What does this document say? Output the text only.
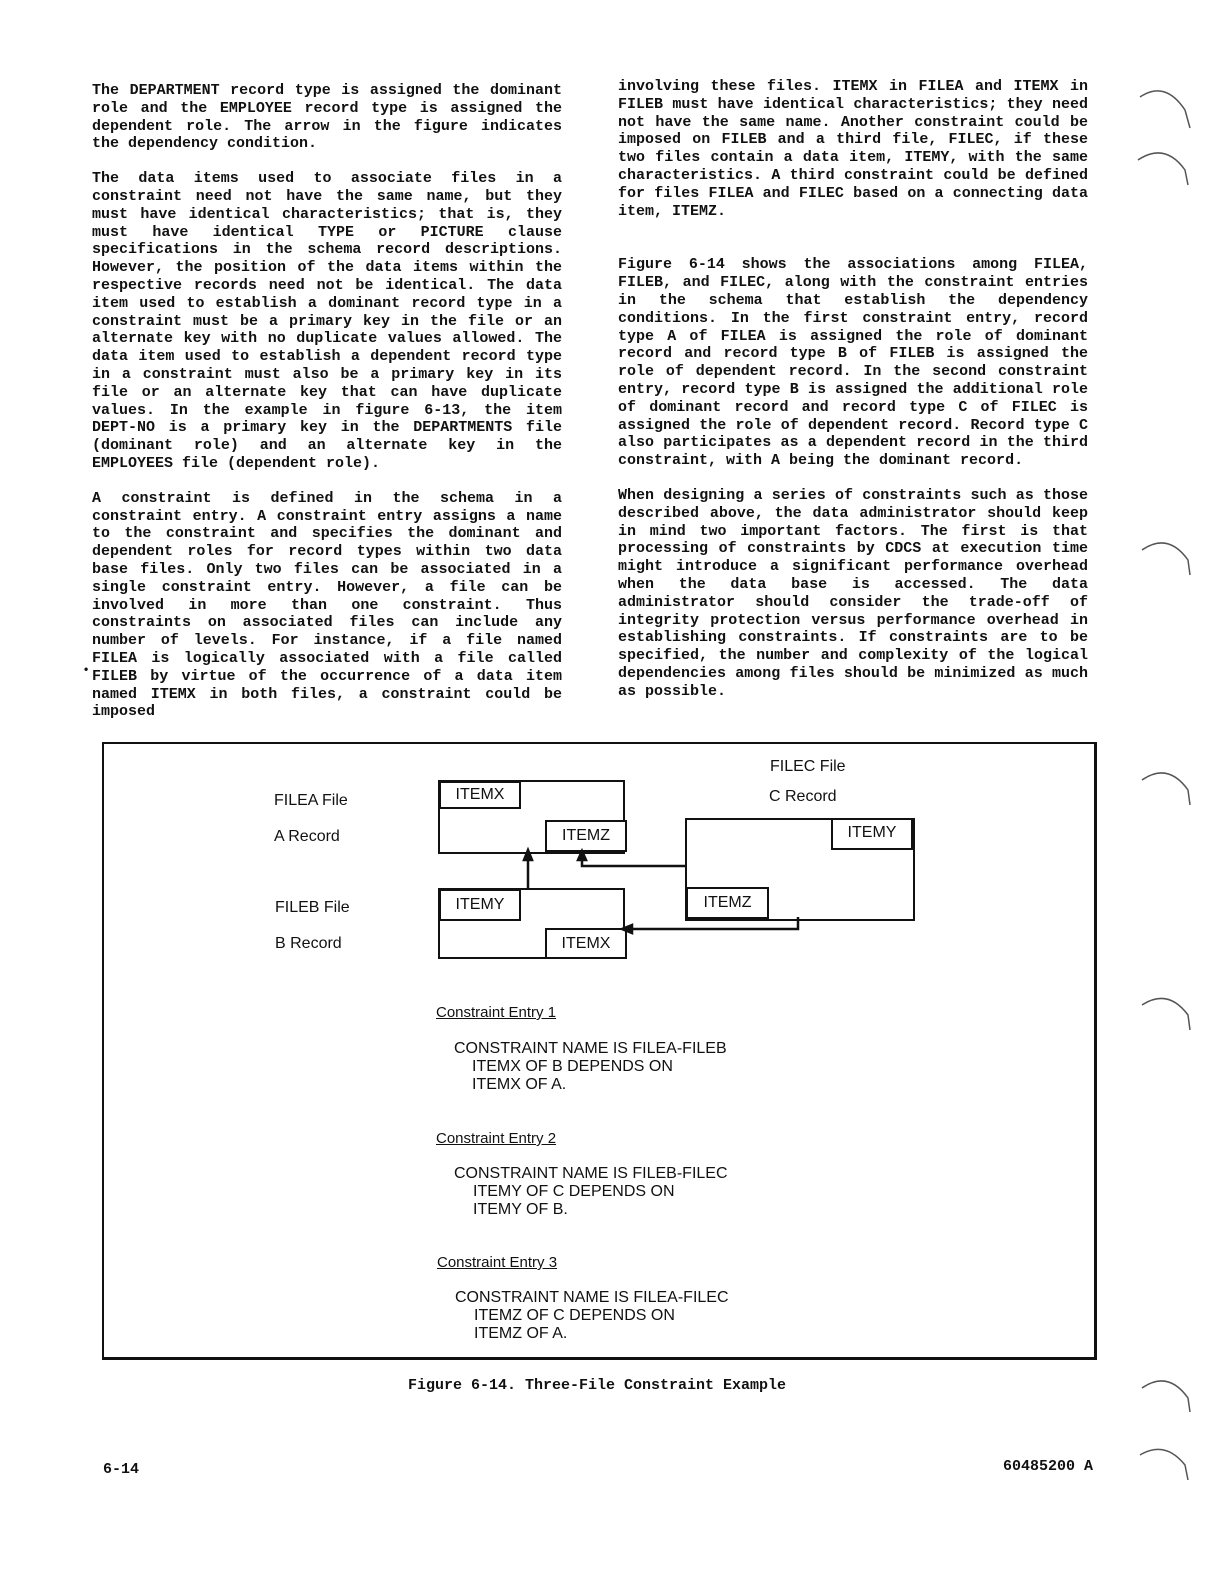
The DEPARTMENT record type is assigned the dominant role and the EMPLOYEE record type is assigned the dependent role. The arrow in the figure indicates the dependency condition.

The data items used to associate files in a constraint need not have the same name, but they must have identical characteristics; that is, they must have identical TYPE or PICTURE clause specifications in the schema record descriptions. However, the position of the data items within the respective records need not be identical. The data item used to establish a dominant record type in a constraint must be a primary key in the file or an alternate key with no duplicate values allowed. The data item used to establish a dependent record type in a constraint must also be a primary key in its file or an alternate key that can have duplicate values. In the example in figure 6-13, the item DEPT-NO is a primary key in the DEPARTMENTS file (dominant role) and an alternate key in the EMPLOYEES file (dependent role).

A constraint is defined in the schema in a constraint entry. A constraint entry assigns a name to the constraint and specifies the dominant and dependent roles for record types within two data base files. Only two files can be associated in a single constraint entry. However, a file can be involved in more than one constraint. Thus constraints on associated files can include any number of levels. For instance, if a file named FILEA is logically associated with a file called FILEB by virtue of the occurrence of a data item named ITEMX in both files, a constraint could be imposed

•

involving these files. ITEMX in FILEA and ITEMX in FILEB must have identical characteristics; they need not have the same name. Another constraint could be imposed on FILEB and a third file, FILEC, if these two files contain a data item, ITEMY, with the same characteristics. A third constraint could be defined for files FILEA and FILEC based on a connecting data item, ITEMZ.

Figure 6-14 shows the associations among FILEA, FILEB, and FILEC, along with the constraint entries in the schema that establish the dependency conditions. In the first constraint entry, record type A of FILEA is assigned the role of dominant record and record type B of FILEB is assigned the role of dependent record. In the second constraint entry, record type B is assigned the additional role of dominant record and record type C of FILEC is assigned the role of dependent record. Record type C also participates as a dependent record in the third constraint, with A being the dominant record.

When designing a series of constraints such as those described above, the data administrator should keep in mind two important factors. The first is that processing of constraints by CDCS at execution time might introduce a significant performance overhead when the data base is accessed. The data administrator should consider the trade-off of integrity protection versus performance overhead in establishing constraints. If constraints are to be specified, the number and complexity of the logical dependencies among files should be minimized as much as possible.

FILEA File
A Record
FILEB File
B Record
FILEC File
C Record
ITEMX
ITEMZ
ITEMY
ITEMX
ITEMY
ITEMZ
Constraint Entry 1
CONSTRAINT NAME IS FILEA-FILEB
ITEMX OF B DEPENDS ON
ITEMX OF A.
Constraint Entry 2
CONSTRAINT NAME IS FILEB-FILEC
ITEMY OF C DEPENDS ON
ITEMY OF B.
Constraint Entry 3
CONSTRAINT NAME IS FILEA-FILEC
ITEMZ OF C DEPENDS ON
ITEMZ OF A.
Figure 6-14. Three-File Constraint Example
6-14	60485200 A
